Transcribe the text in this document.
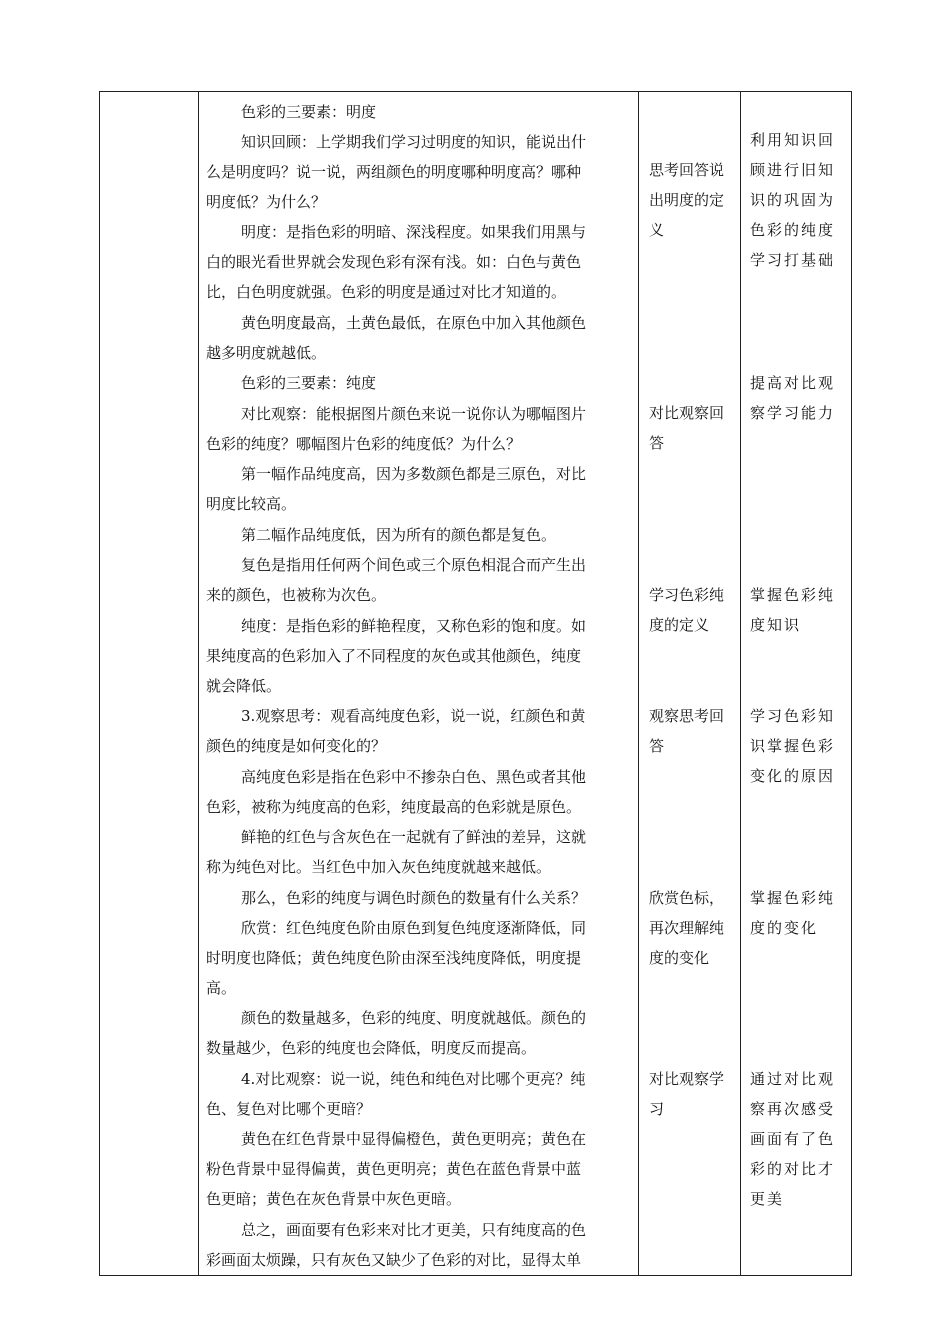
色彩的三要素：明度
知识回顾：上学期我们学习过明度的知识，能说出什
么是明度吗？说一说，两组颜色的明度哪种明度高？哪种
明度低？为什么？
明度：是指色彩的明暗、深浅程度。如果我们用黑与
白的眼光看世界就会发现色彩有深有浅。如：白色与黄色
比，白色明度就强。色彩的明度是通过对比才知道的。
黄色明度最高，土黄色最低，在原色中加入其他颜色
越多明度就越低。
色彩的三要素：纯度
对比观察：能根据图片颜色来说一说你认为哪幅图片
色彩的纯度？哪幅图片色彩的纯度低？为什么？
第一幅作品纯度高，因为多数颜色都是三原色，对比
明度比较高。
第二幅作品纯度低，因为所有的颜色都是复色。
复色是指用任何两个间色或三个原色相混合而产生出
来的颜色，也被称为次色。
纯度：是指色彩的鲜艳程度，又称色彩的饱和度。如
果纯度高的色彩加入了不同程度的灰色或其他颜色，纯度
就会降低。
3.观察思考：观看高纯度色彩，说一说，红颜色和黄
颜色的纯度是如何变化的？
高纯度色彩是指在色彩中不掺杂白色、黑色或者其他
色彩，被称为纯度高的色彩，纯度最高的色彩就是原色。
鲜艳的红色与含灰色在一起就有了鲜浊的差异，这就
称为纯色对比。当红色中加入灰色纯度就越来越低。
那么，色彩的纯度与调色时颜色的数量有什么关系？
欣赏：红色纯度色阶由原色到复色纯度逐渐降低，同
时明度也降低；黄色纯度色阶由深至浅纯度降低，明度提
高。
颜色的数量越多，色彩的纯度、明度就越低。颜色的
数量越少，色彩的纯度也会降低，明度反而提高。
4.对比观察：说一说，纯色和纯色对比哪个更亮？纯
色、复色对比哪个更暗？
黄色在红色背景中显得偏橙色，黄色更明亮；黄色在
粉色背景中显得偏黄，黄色更明亮；黄色在蓝色背景中蓝
色更暗；黄色在灰色背景中灰色更暗。
总之，画面要有色彩来对比才更美，只有纯度高的色
彩画面太烦躁，只有灰色又缺少了色彩的对比，显得太单
思考回答说
出明度的定
义
对比观察回
答
学习色彩纯
度的定义
观察思考回
答
欣赏色标，
再次理解纯
度的变化
对比观察学
习
利用知识回
顾进行旧知
识的巩固为
色彩的纯度
学习打基础
提高对比观
察学习能力
掌握色彩纯
度知识
学习色彩知
识掌握色彩
变化的原因
掌握色彩纯
度的变化
通过对比观
察再次感受
画面有了色
彩的对比才
更美
